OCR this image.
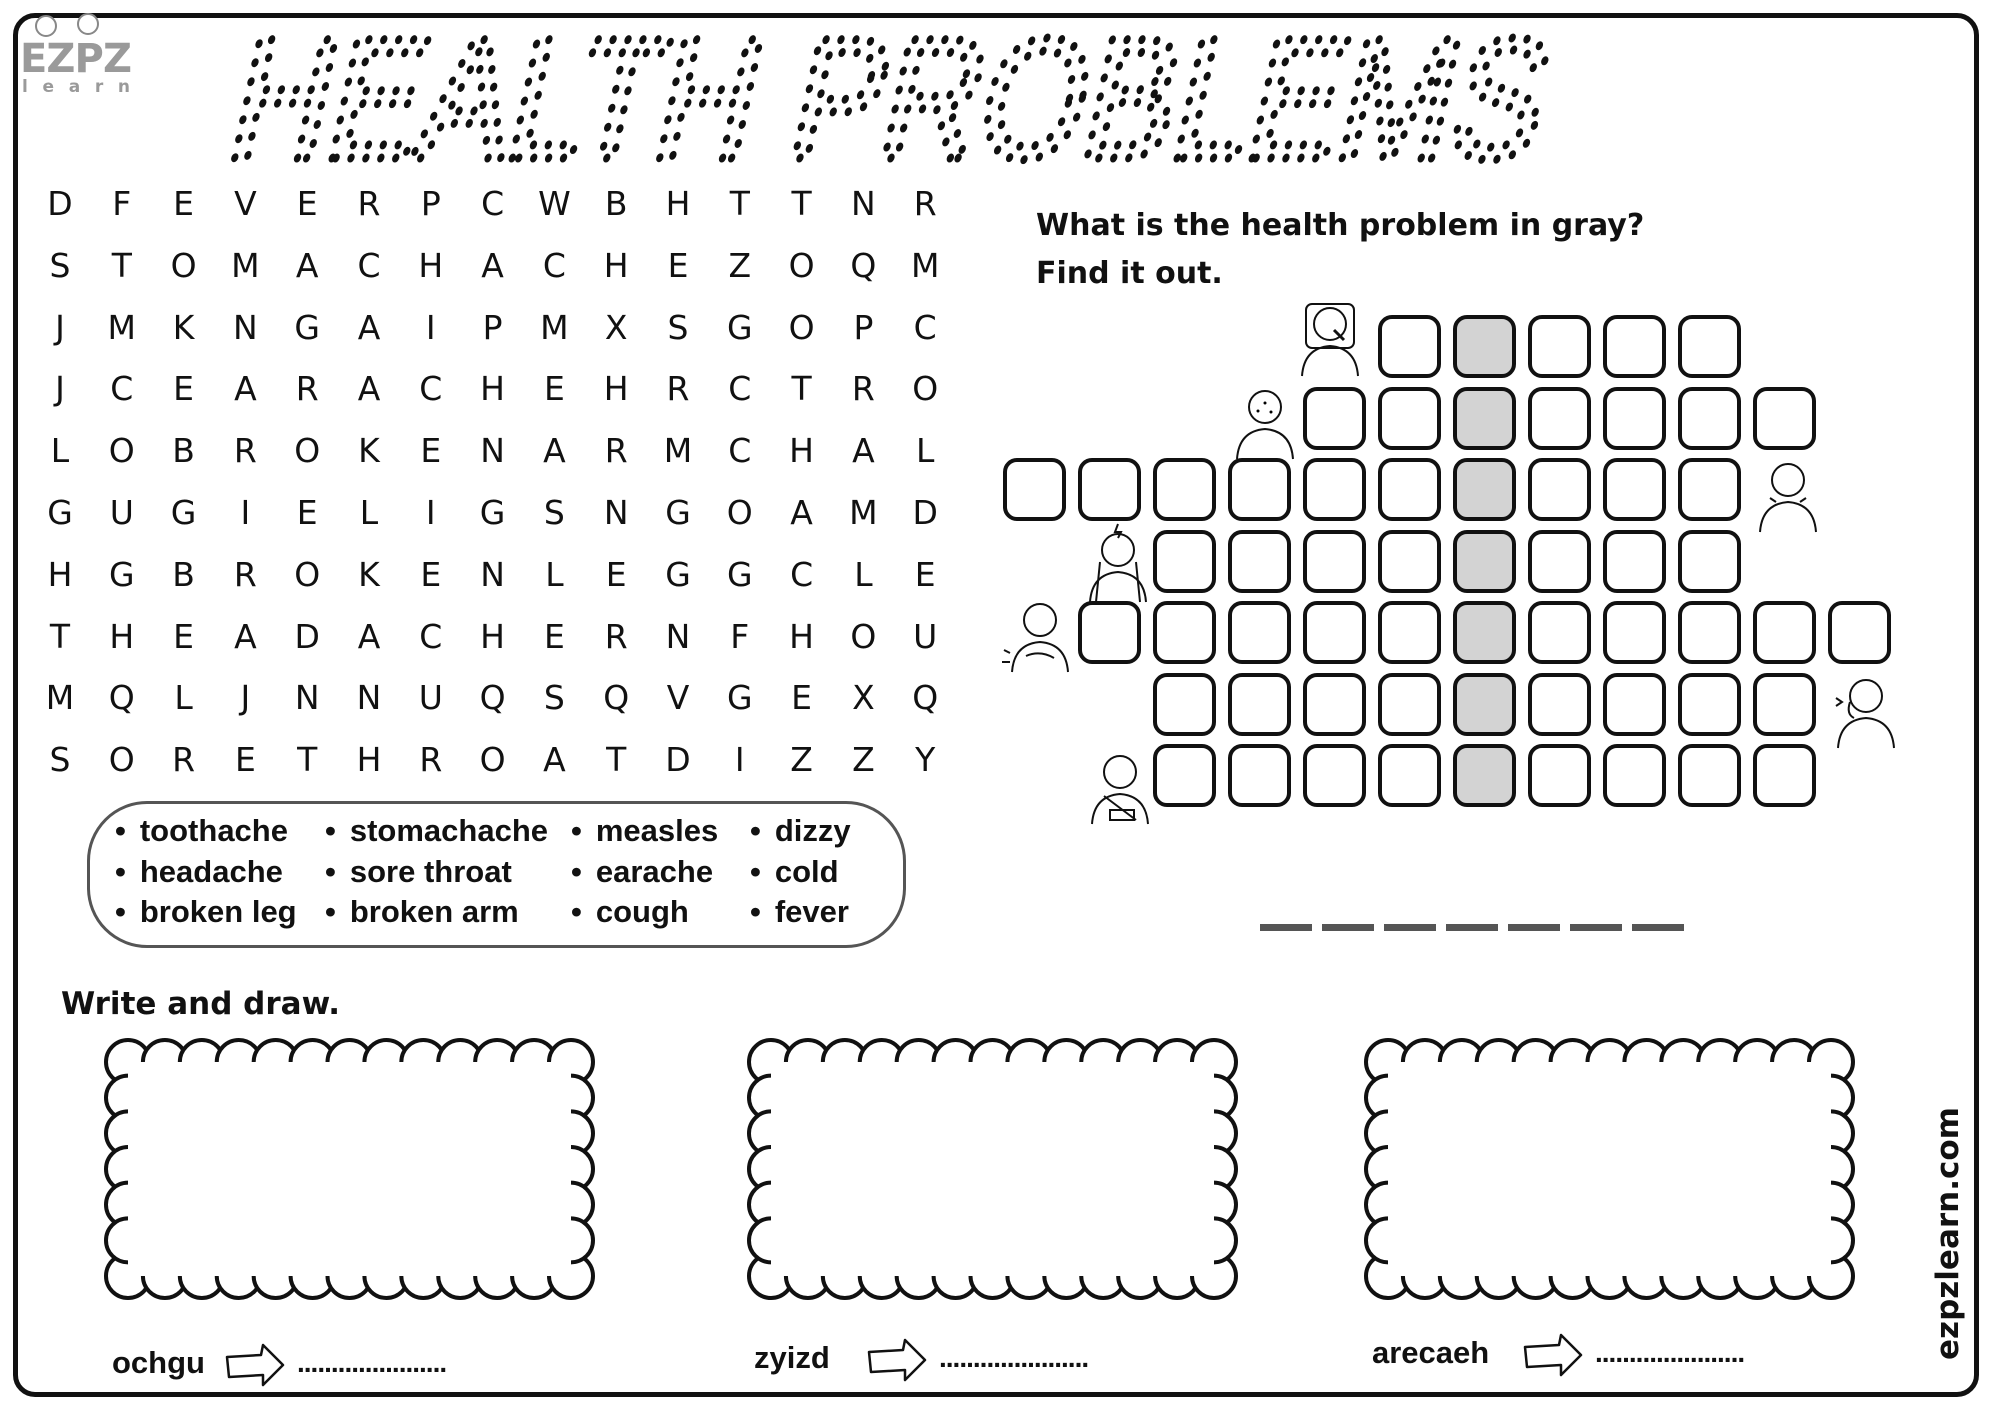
EZPZ
learn HEALTH PROBLEMS
D	F	E	V	E	R	P	C	W	B	H	T	T	N	R
S	T	O	M	A	C	H	A	C	H	E	Z	O	Q	M
J	M	K	N	G	A	I	P	M	X	S	G	O	P	C
J	C	E	A	R	A	C	H	E	H	R	C	T	R	O
L	O	B	R	O	K	E	N	A	R	M	C	H	A	L
G	U	G	I	E	L	I	G	S	N	G	O	A	M	D
H	G	B	R	O	K	E	N	L	E	G	G	C	L	E
T	H	E	A	D	A	C	H	E	R	N	F	H	O	U
M	Q	L	J	N	N	U	Q	S	Q	V	G	E	X	Q
S	O	R	E	T	H	R	O	A	T	D	I	Z	Z	Y
• toothache	• stomachache	• measles	• dizzy
• headache	• sore throat	• earache	• cold
• broken leg	• broken arm	• cough	• fever
What is the health problem in gray?
Find it out.
Write and draw.
ochgu	......................	zyizd	......................	arecaeh	......................	ezpzlearn.com
